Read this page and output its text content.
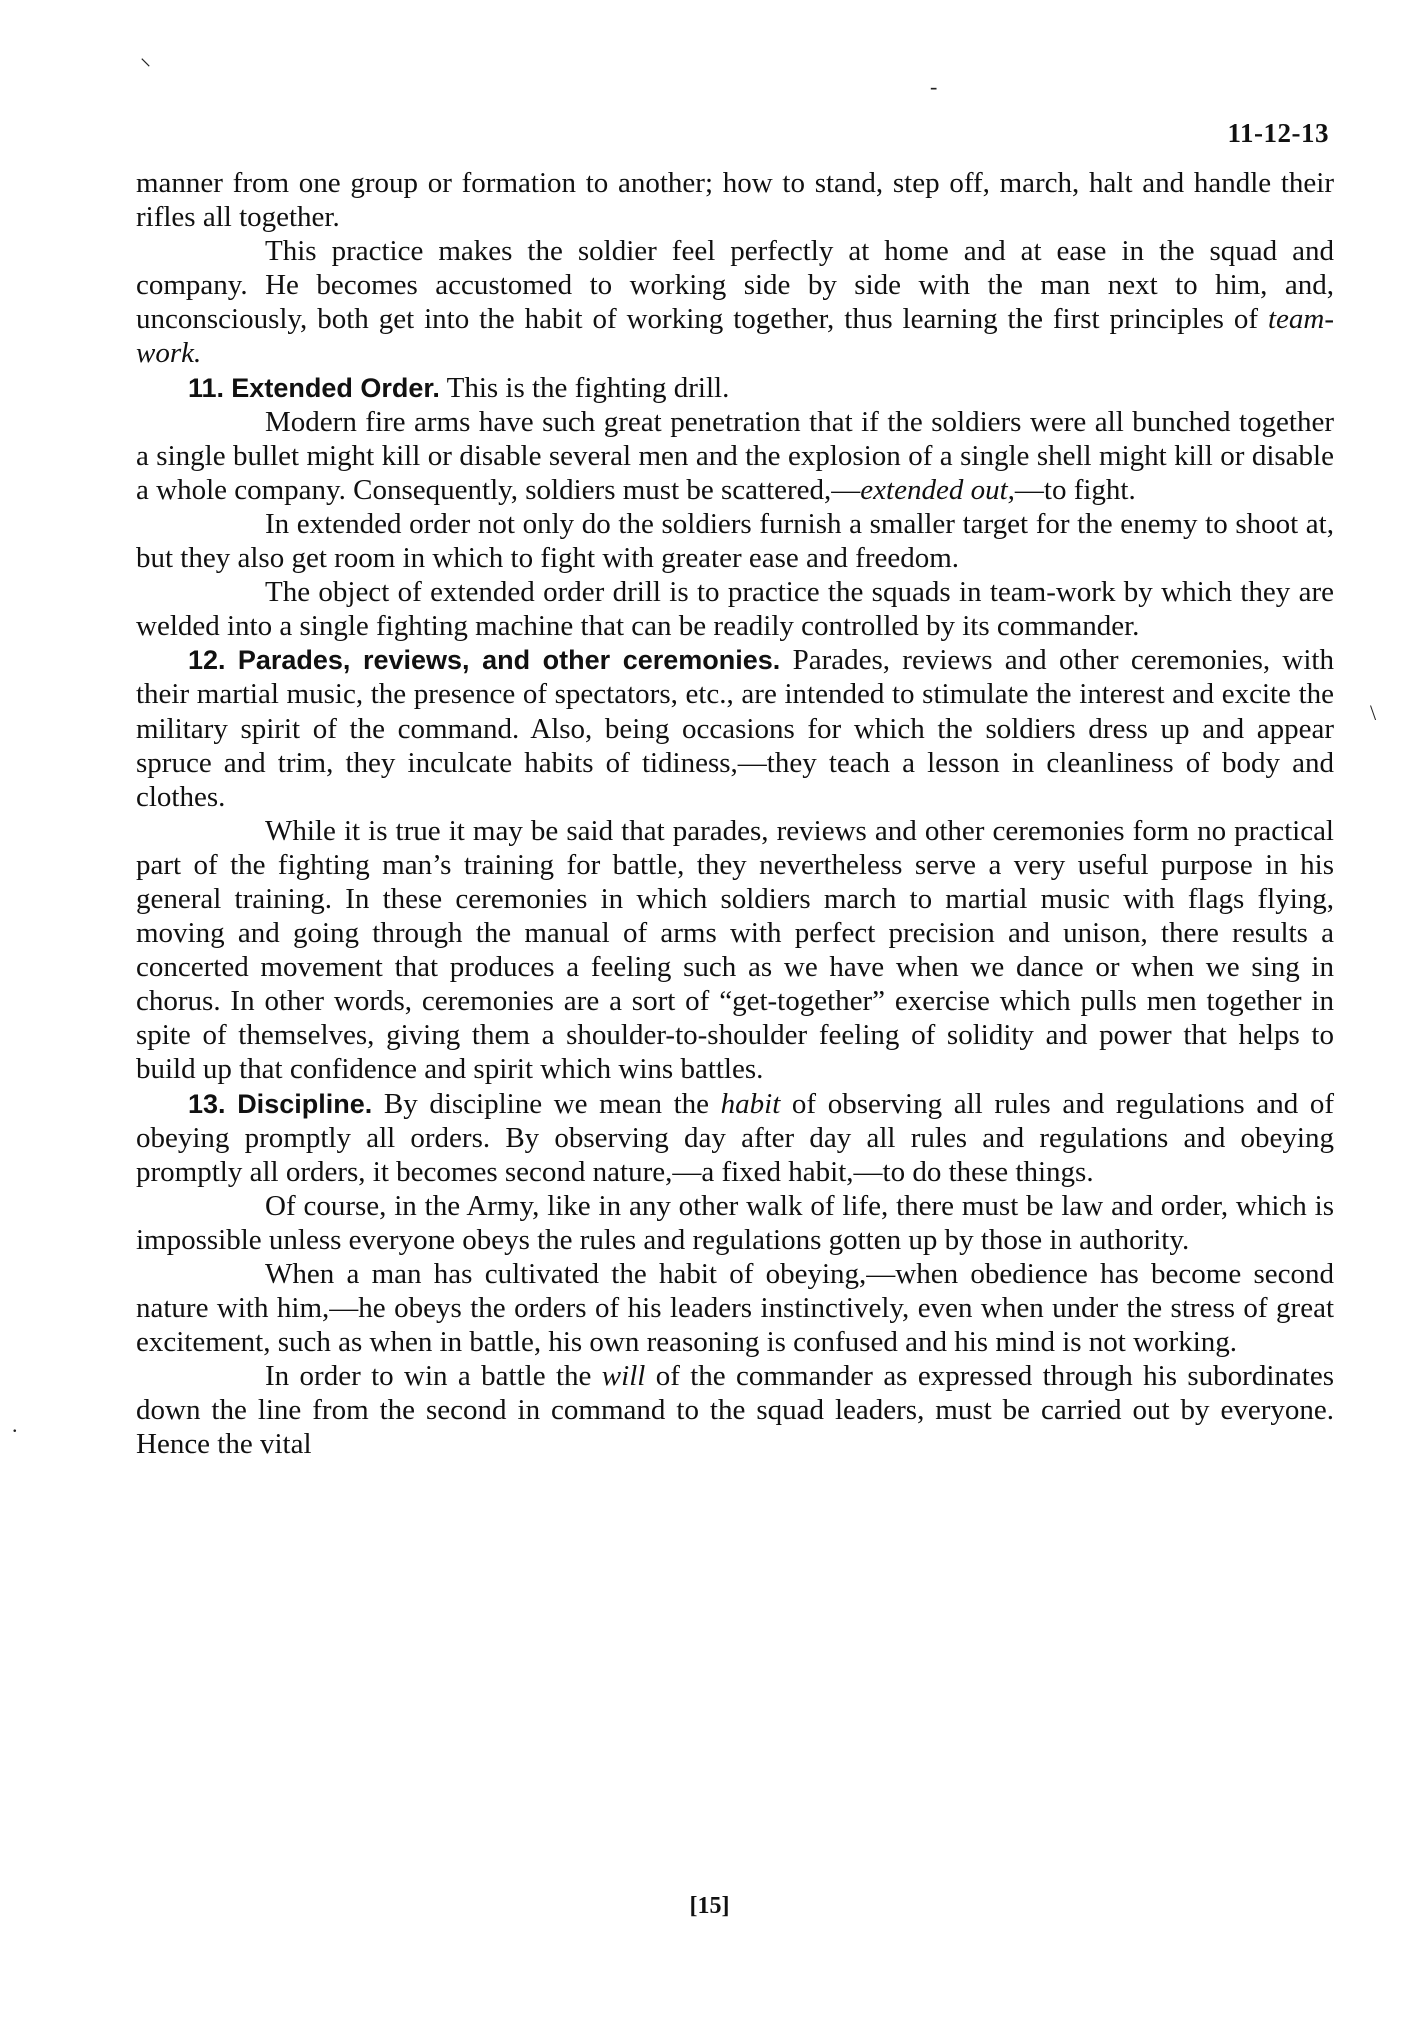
⸌
-
\
.
11-12-13

manner from one group or formation to another; how to stand, step off, march, halt and handle their rifles all together.

This practice makes the soldier feel perfectly at home and at ease in the squad and company. He becomes accustomed to working side by side with the man next to him, and, unconsciously, both get into the habit of working together, thus learning the first principles of team-work.

11. Extended Order. This is the fighting drill.

Modern fire arms have such great penetration that if the soldiers were all bunched together a single bullet might kill or disable several men and the explosion of a single shell might kill or disable a whole company. Consequently, soldiers must be scattered,—extended out,—to fight.

In extended order not only do the soldiers furnish a smaller target for the enemy to shoot at, but they also get room in which to fight with greater ease and freedom.

The object of extended order drill is to practice the squads in team-work by which they are welded into a single fighting machine that can be readily controlled by its commander.

12. Parades, reviews, and other ceremonies. Parades, reviews and other ceremonies, with their martial music, the presence of spectators, etc., are intended to stimulate the interest and excite the military spirit of the command. Also, being occasions for which the soldiers dress up and appear spruce and trim, they inculcate habits of tidiness,—they teach a lesson in cleanliness of body and clothes.

While it is true it may be said that parades, reviews and other ceremonies form no practical part of the fighting man’s training for battle, they nevertheless serve a very useful purpose in his general training. In these ceremonies in which soldiers march to martial music with flags flying, moving and going through the manual of arms with perfect precision and unison, there results a concerted movement that produces a feeling such as we have when we dance or when we sing in chorus. In other words, ceremonies are a sort of “get-together” exercise which pulls men together in spite of themselves, giving them a shoulder-to-shoulder feeling of solidity and power that helps to build up that confidence and spirit which wins battles.

13. Discipline. By discipline we mean the habit of observing all rules and regulations and of obeying promptly all orders. By observing day after day all rules and regulations and obeying promptly all orders, it becomes second nature,—a fixed habit,—to do these things.

Of course, in the Army, like in any other walk of life, there must be law and order, which is impossible unless everyone obeys the rules and regulations gotten up by those in authority.

When a man has cultivated the habit of obeying,—when obedience has become second nature with him,—he obeys the orders of his leaders instinctively, even when under the stress of great excitement, such as when in battle, his own reasoning is confused and his mind is not working.

In order to win a battle the will of the commander as expressed through his subordinates down the line from the second in command to the squad leaders, must be carried out by everyone. Hence the vital

[15]
